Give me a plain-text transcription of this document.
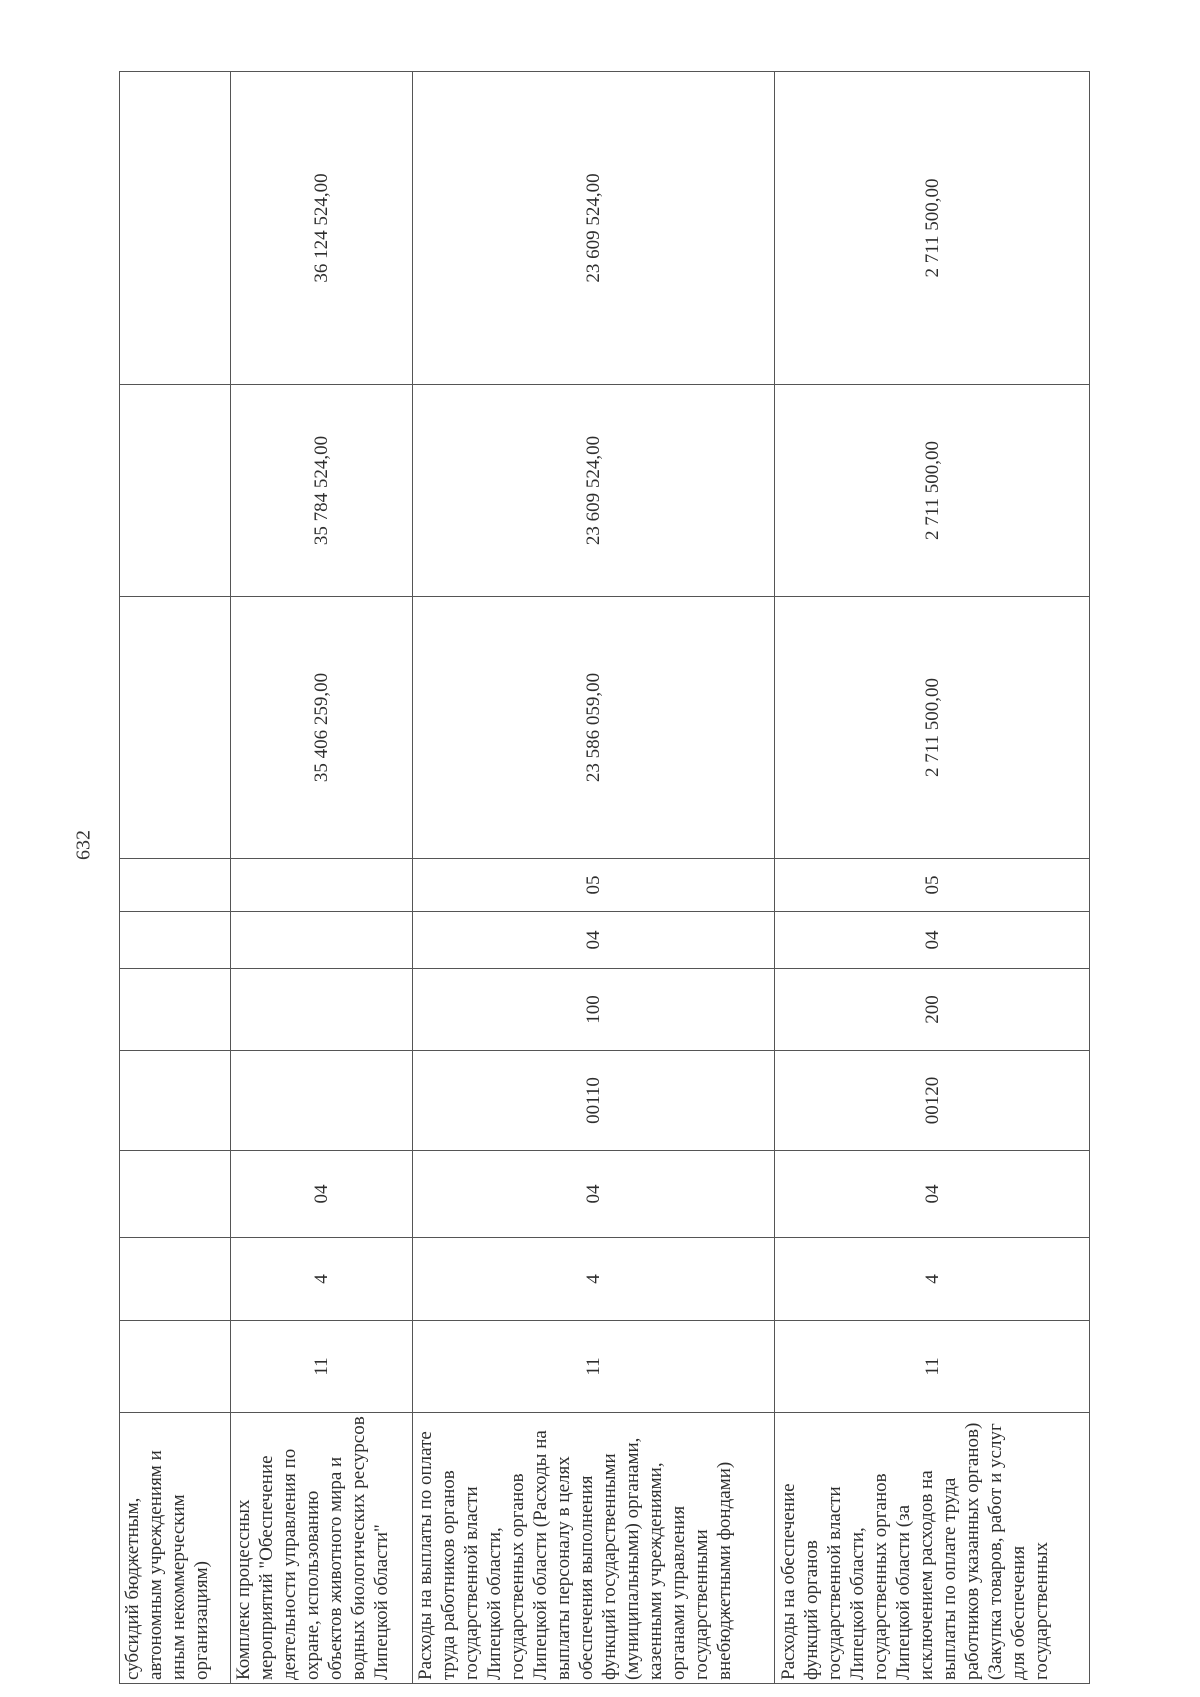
632
субсидий бюджетным, автономным учреждениям и иным некоммерческим организациям)										
Комплекс процессных мероприятий "Обеспечение деятельности управления по охране, использованию объектов животного мира и водных биологических ресурсов Липецкой области"	11	4	04					35 406 259,00	35 784 524,00	36 124 524,00
Расходы на выплаты по оплате труда работников органов государственной власти Липецкой области, государственных органов Липецкой области (Расходы на выплаты персоналу в целях обеспечения выполнения функций государственными (муниципальными) органами, казенными учреждениями, органами управления государственными внебюджетными фондами)	11	4	04	00110	100	04	05	23 586 059,00	23 609 524,00	23 609 524,00
Расходы на обеспечение функций органов государственной власти Липецкой области, государственных органов Липецкой области (за исключением расходов на выплаты по оплате труда работников указанных органов) (Закупка товаров, работ и услуг для обеспечения государственных	11	4	04	00120	200	04	05	2 711 500,00	2 711 500,00	2 711 500,00
